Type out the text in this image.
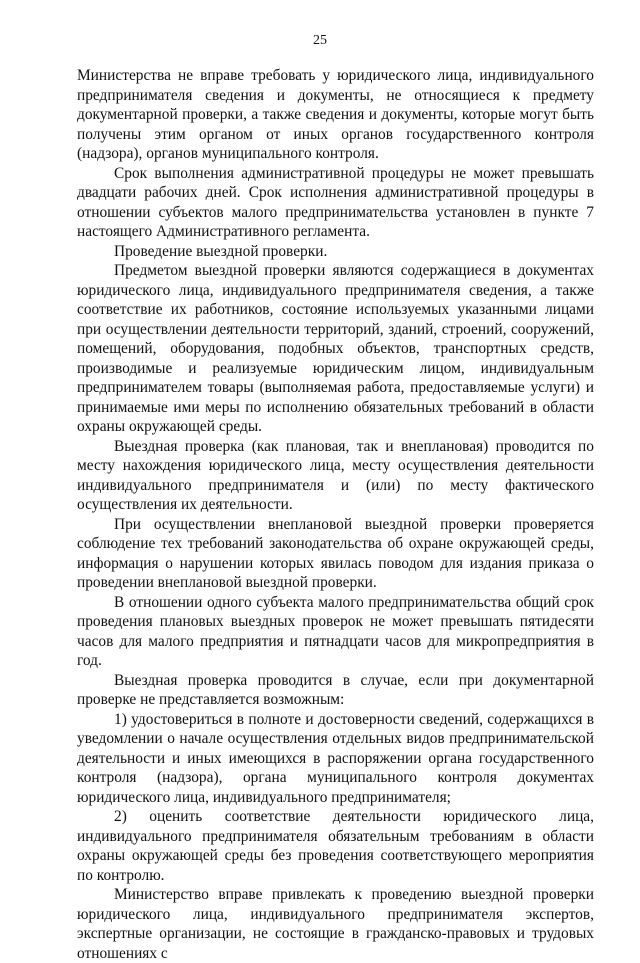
25

Министерства не вправе требовать у юридического лица, индивидуального предпринимателя сведения и документы, не относящиеся к предмету документарной проверки, а также сведения и документы, которые могут быть получены этим органом от иных органов государственного контроля (надзора), органов муниципального контроля.

Срок выполнения административной процедуры не может превышать двадцати рабочих дней. Срок исполнения административной процедуры в отношении субъектов малого предпринимательства установлен в пункте 7 настоящего Административного регламента.

Проведение выездной проверки.

Предметом выездной проверки являются содержащиеся в документах юридического лица, индивидуального предпринимателя сведения, а также соответствие их работников, состояние используемых указанными лицами при осуществлении деятельности территорий, зданий, строений, сооружений, помещений, оборудования, подобных объектов, транспортных средств, производимые и реализуемые юридическим лицом, индивидуальным предпринимателем товары (выполняемая работа, предоставляемые услуги) и принимаемые ими меры по исполнению обязательных требований в области охраны окружающей среды.

Выездная проверка (как плановая, так и внеплановая) проводится по месту нахождения юридического лица, месту осуществления деятельности индивидуального предпринимателя и (или) по месту фактического осуществления их деятельности.

При осуществлении внеплановой выездной проверки проверяется соблюдение тех требований законодательства об охране окружающей среды, информация о нарушении которых явилась поводом для издания приказа о проведении внеплановой выездной проверки.

В отношении одного субъекта малого предпринимательства общий срок проведения плановых выездных проверок не может превышать пятидесяти часов для малого предприятия и пятнадцати часов для микропредприятия в год.

Выездная проверка проводится в случае, если при документарной проверке не представляется возможным:

1) удостовериться в полноте и достоверности сведений, содержащихся в уведомлении о начале осуществления отдельных видов предпринимательской деятельности и иных имеющихся в распоряжении органа государственного контроля (надзора), органа муниципального контроля документах юридического лица, индивидуального предпринимателя;

2) оценить соответствие деятельности юридического лица, индивидуального предпринимателя обязательным требованиям в области охраны окружающей среды без проведения соответствующего мероприятия по контролю.

Министерство вправе привлекать к проведению выездной проверки юридического лица, индивидуального предпринимателя экспертов, экспертные организации, не состоящие в гражданско-правовых и трудовых отношениях с
